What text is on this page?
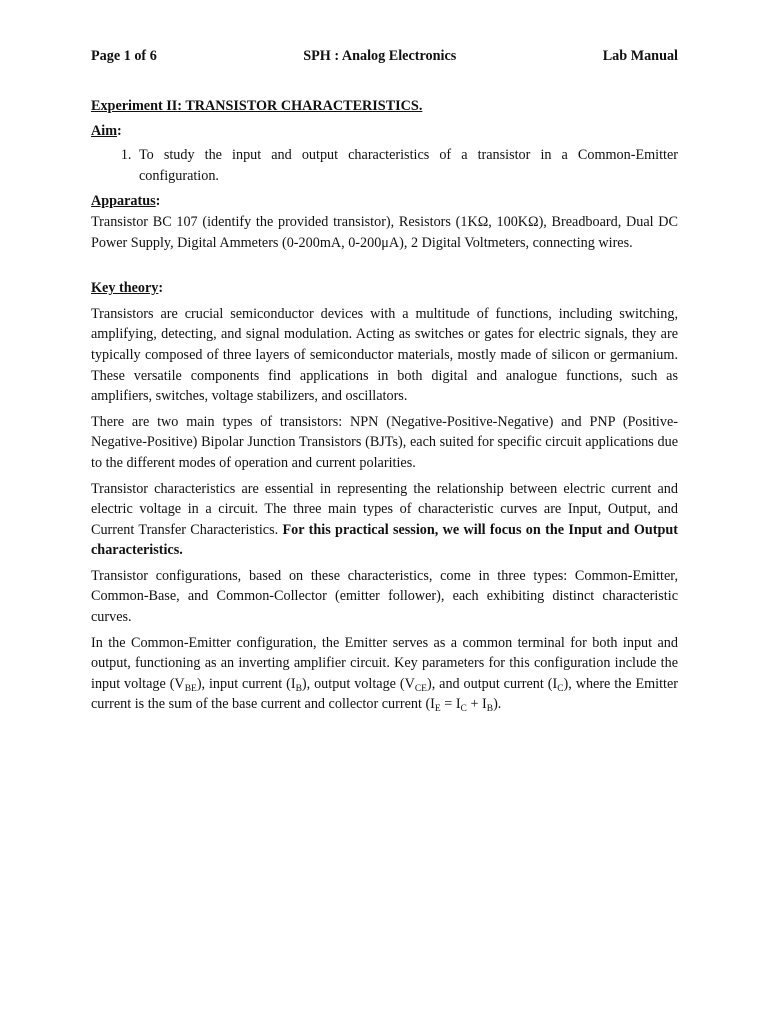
Page 1 of 6	SPH : Analog Electronics	Lab Manual
Experiment II: TRANSISTOR CHARACTERISTICS.
Aim:
1. To study the input and output characteristics of a transistor in a Common-Emitter configuration.
Apparatus:

Transistor BC 107 (identify the provided transistor), Resistors (1KΩ, 100KΩ), Breadboard, Dual DC Power Supply, Digital Ammeters (0-200mA, 0-200μA), 2 Digital Voltmeters, connecting wires.

Key theory:

Transistors are crucial semiconductor devices with a multitude of functions, including switching, amplifying, detecting, and signal modulation. Acting as switches or gates for electric signals, they are typically composed of three layers of semiconductor materials, mostly made of silicon or germanium. These versatile components find applications in both digital and analogue functions, such as amplifiers, switches, voltage stabilizers, and oscillators.

There are two main types of transistors: NPN (Negative-Positive-Negative) and PNP (Positive-Negative-Positive) Bipolar Junction Transistors (BJTs), each suited for specific circuit applications due to the different modes of operation and current polarities.

Transistor characteristics are essential in representing the relationship between electric current and electric voltage in a circuit. The three main types of characteristic curves are Input, Output, and Current Transfer Characteristics. For this practical session, we will focus on the Input and Output characteristics.

Transistor configurations, based on these characteristics, come in three types: Common-Emitter, Common-Base, and Common-Collector (emitter follower), each exhibiting distinct characteristic curves.

In the Common-Emitter configuration, the Emitter serves as a common terminal for both input and output, functioning as an inverting amplifier circuit. Key parameters for this configuration include the input voltage $(V_{BE})$, input current $(I_B)$, output voltage $(V_{CE})$, and output current $(I_C)$, where the Emitter current is the sum of the base current and collector current $(I_E = I_C + I_B)$.
